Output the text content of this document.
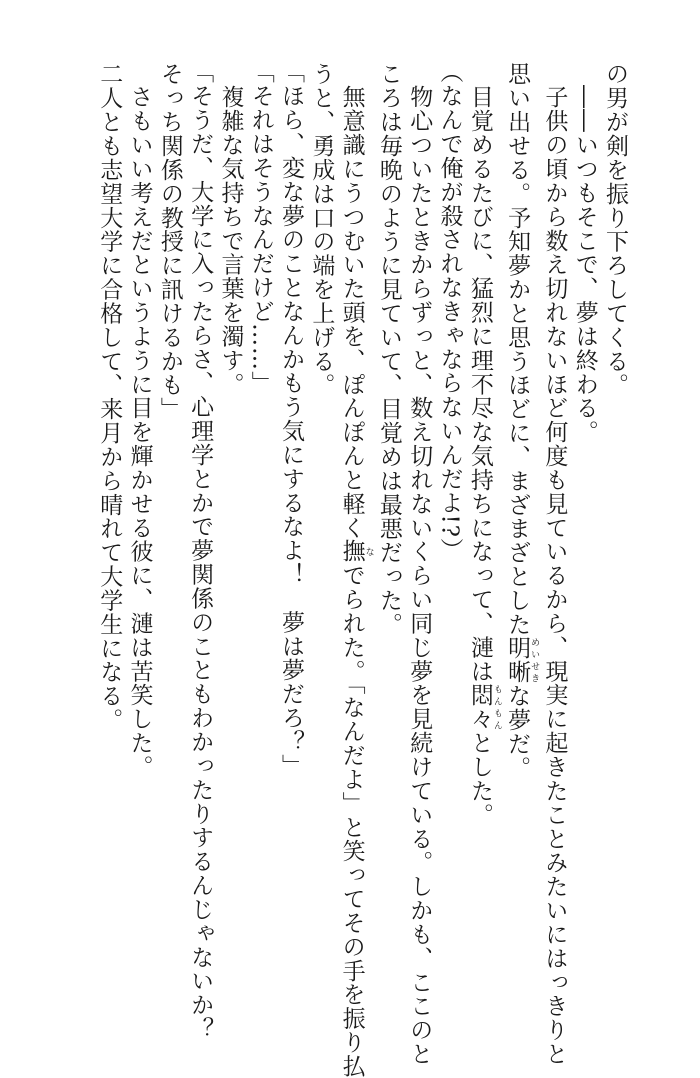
の男が剣を振り下ろしてくる。

――いつもそこで、夢は終わる。

子供の頃から数え切れないほど何度も見ているから、現実に起きたことみたいにはっきりと

思い出せる。予知夢かと思うほどに、まざまざとした明晰 めいせきな夢だ。

目覚めるたびに、猛烈に理不尽な気持ちになって、漣は悶々 もんもんとした。

（なんで俺が殺されなきゃならないんだよ!?）

物心ついたときからずっと、数え切れないくらい同じ夢を見続けている。しかも、ここのと

ころは毎晩のように見ていて、目覚めは最悪だった。

無意識にうつむいた頭を、ぽんぽんと軽く撫 なでられた。「なんだよ」と笑ってその手を振り払

うと、勇成は口の端を上げる。

「ほら、変な夢のことなんかもう気にするなよ！　夢は夢だろ？」

「それはそうなんだけど……」

複雑な気持ちで言葉を濁す。

「そうだ、大学に入ったらさ、心理学とかで夢関係のこともわかったりするんじゃないか？

そっち関係の教授に訊けるかも」

さもいい考えだというように目を輝かせる彼に、漣は苦笑した。

二人とも志望大学に合格して、来月から晴れて大学生になる。
